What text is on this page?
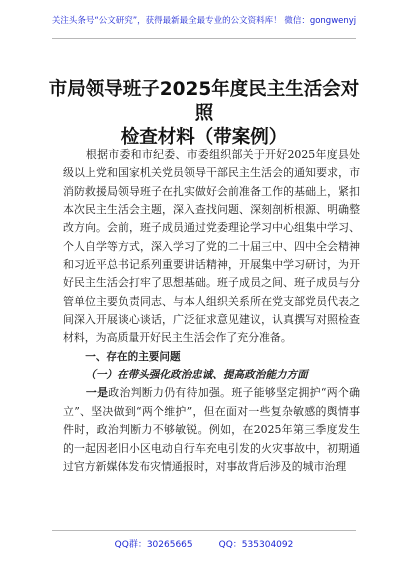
关注头条号“公文研究”，获得最新最全最专业的公文资料库！ 微信：gongwenyj
市局领导班子2025年度民主生活会对照
检查材料（带案例）

根据市委和市纪委、市委组织部关于开好2025年度县处级以上党和国家机关党员领导干部民主生活会的通知要求，市消防救援局领导班子在扎实做好会前准备工作的基础上，紧扣本次民主生活会主题，深入查找问题、深刻剖析根源、明确整改方向。会前，班子成员通过党委理论学习中心组集中学习、个人自学等方式，深入学习了党的二十届三中、四中全会精神和习近平总书记系列重要讲话精神，开展集中学习研讨，为开好民主生活会打牢了思想基础。班子成员之间、班子成员与分管单位主要负责同志、与本人组织关系所在党支部党员代表之间深入开展谈心谈话，广泛征求意见建议，认真撰写对照检查材料，为高质量开好民主生活会作了充分准备。

一、存在的主要问题

（一）在带头强化政治忠诚、提高政治能力方面

一是政治判断力仍有待加强。班子能够坚定拥护“两个确立”、坚决做到“两个维护”，但在面对一些复杂敏感的舆情事件时，政治判断力不够敏锐。例如，在2025年第三季度发生的一起因老旧小区电动自行车充电引发的火灾事故中，初期通过官方新媒体发布灾情通报时，对事故背后涉及的城市治理

QQ群：30265665	QQ：535304092
